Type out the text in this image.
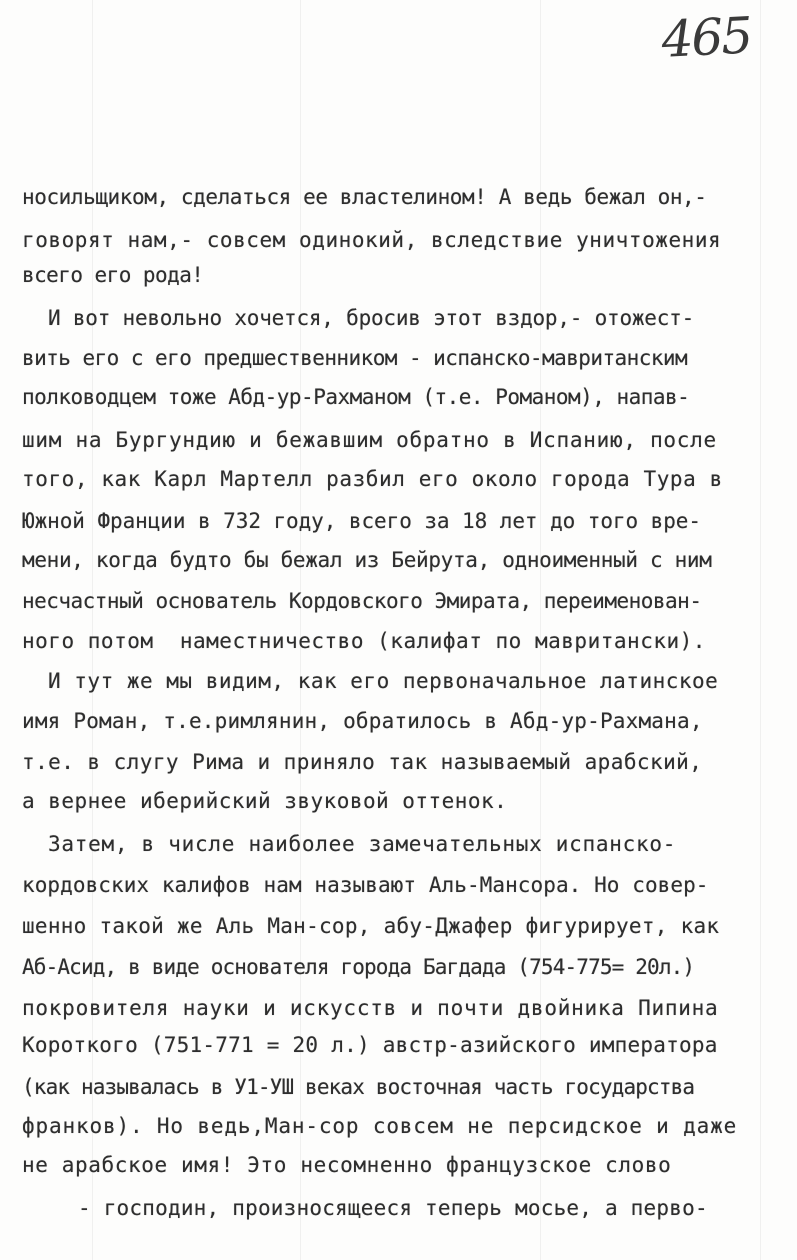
465
носильщиком, сделаться ее властелином! А ведь бежал он,-
говорят нам,- совсем одинокий, вследствие уничтожения
всего его рода!
И вот невольно хочется, бросив этот вздор,- отожест-
вить его с его предшественником - испанско-мавританским
полководцем тоже Абд-ур-Рахманом (т.е. Романом), напав-
шим на Бургундию и бежавшим обратно в Испанию, после
того, как Карл Мартелл разбил его около города Тура в
Южной Франции в 732 году, всего за 18 лет до того вре-
мени, когда будто бы бежал из Бейрута, одноименный с ним
несчастный основатель Кордовского Эмирата, переименован-
ного потом  наместничество (калифат по мавритански).
И тут же мы видим, как его первоначальное латинское
имя Роман, т.е.римлянин, обратилось в Абд-ур-Рахмана,
т.е. в слугу Рима и приняло так называемый арабский,
а вернее иберийский звуковой оттенок.
Затем, в числе наиболее замечательных испанско-
кордовских калифов нам называют Аль-Мансора. Но совер-
шенно такой же Аль Ман-сор, абу-Джафер фигурирует, как
Аб-Асид, в виде основателя города Багдада (754-775= 20л.)
покровителя науки и искусств и почти двойника Пипина
Короткого (751-771 = 20 л.) австр-азийского императора
(как называлась в У1-УШ веках восточная часть государства
франков). Но ведь,Ман-сор совсем не персидское и даже
не арабское имя! Это несомненно французское слово
- господин, произносящееся теперь мосье, а перво-
